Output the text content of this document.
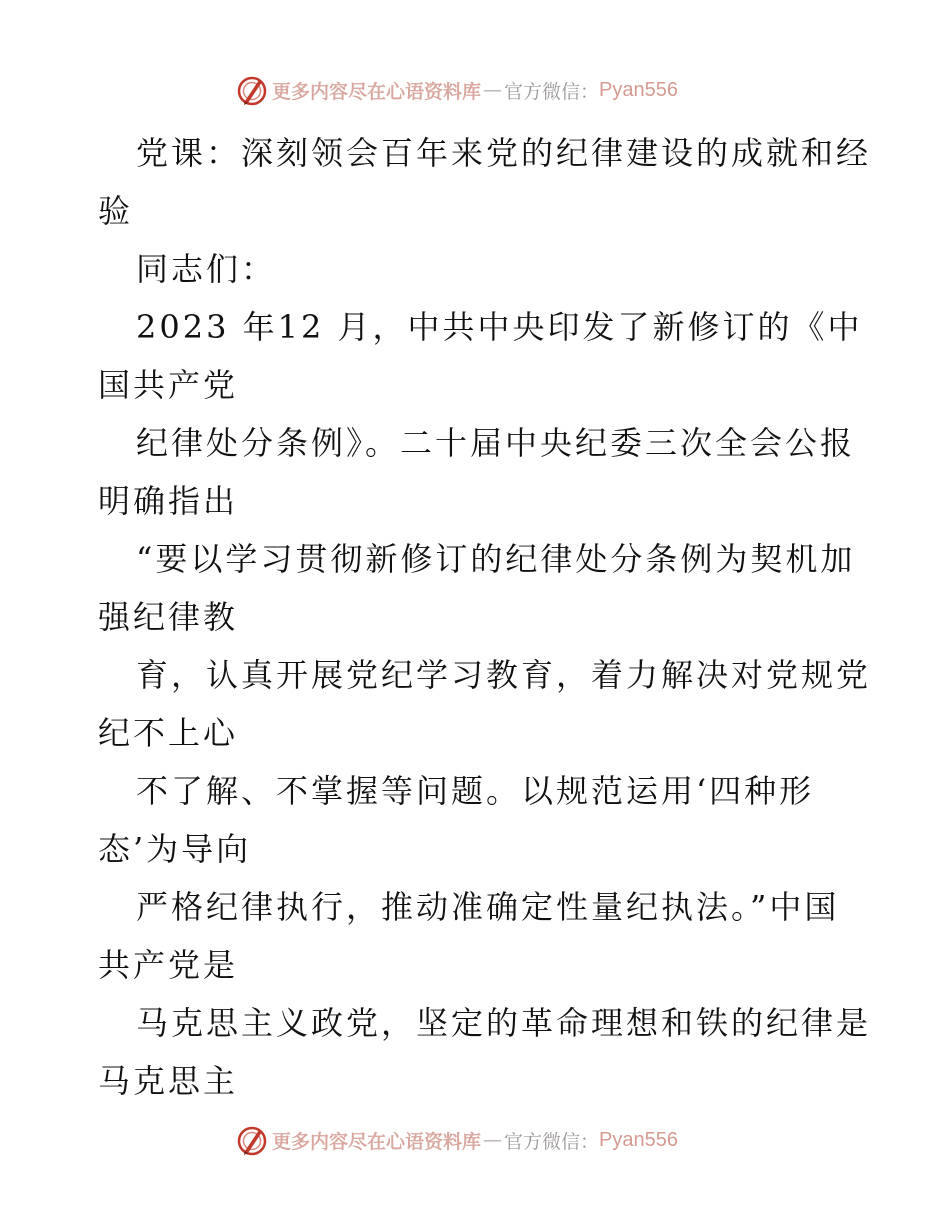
更多内容尽在心语资料库 — 官方微信： Pyan556
党课：深刻领会百年来党的纪律建设的成就和经
验
同志们：
2023 年12 月，中共中央印发了新修订的《中
国共产党
纪律处分条例》。二十届中央纪委三次全会公报
明确指出
“要以学习贯彻新修订的纪律处分条例为契机加
强纪律教
育，认真开展党纪学习教育，着力解决对党规党
纪不上心
不了解、不掌握等问题。以规范运用‘四种形
态’为导向
严格纪律执行，推动准确定性量纪执法。”中国
共产党是
马克思主义政党，坚定的革命理想和铁的纪律是
马克思主
更多内容尽在心语资料库 — 官方微信： Pyan556
